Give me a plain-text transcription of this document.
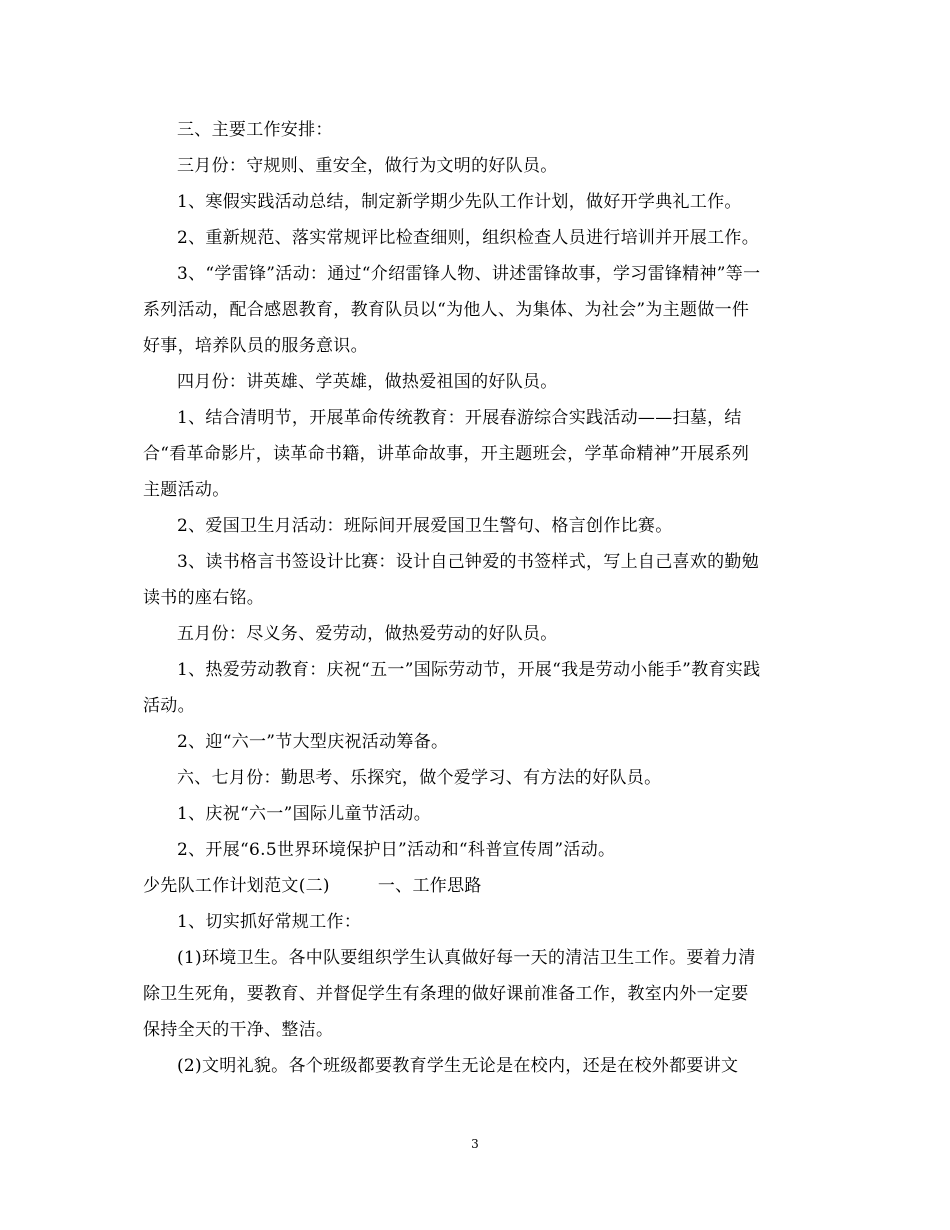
三、主要工作安排：
三月份：守规则、重安全，做行为文明的好队员。
1、寒假实践活动总结，制定新学期少先队工作计划，做好开学典礼工作。
2、重新规范、落实常规评比检查细则，组织检查人员进行培训并开展工作。
3、“学雷锋”活动：通过“介绍雷锋人物、讲述雷锋故事，学习雷锋精神”等一
系列活动，配合感恩教育，教育队员以“为他人、为集体、为社会”为主题做一件
好事，培养队员的服务意识。
四月份：讲英雄、学英雄，做热爱祖国的好队员。
1、结合清明节，开展革命传统教育：开展春游综合实践活动——扫墓，结
合“看革命影片，读革命书籍，讲革命故事，开主题班会，学革命精神”开展系列
主题活动。
2、爱国卫生月活动：班际间开展爱国卫生警句、格言创作比赛。
3、读书格言书签设计比赛：设计自己钟爱的书签样式，写上自己喜欢的勤勉
读书的座右铭。
五月份：尽义务、爱劳动，做热爱劳动的好队员。
1、热爱劳动教育：庆祝“五一”国际劳动节，开展“我是劳动小能手”教育实践
活动。
2、迎“六一”节大型庆祝活动筹备。
六、七月份：勤思考、乐探究，做个爱学习、有方法的好队员。
1、庆祝“六一”国际儿童节活动。
2、开展“6.5世界环境保护日”活动和“科普宣传周”活动。
少先队工作计划范文(二)	一、工作思路
1、切实抓好常规工作：
(1)环境卫生。各中队要组织学生认真做好每一天的清洁卫生工作。要着力清
除卫生死角，要教育、并督促学生有条理的做好课前准备工作，教室内外一定要
保持全天的干净、整洁。
(2)文明礼貌。各个班级都要教育学生无论是在校内，还是在校外都要讲文
3
